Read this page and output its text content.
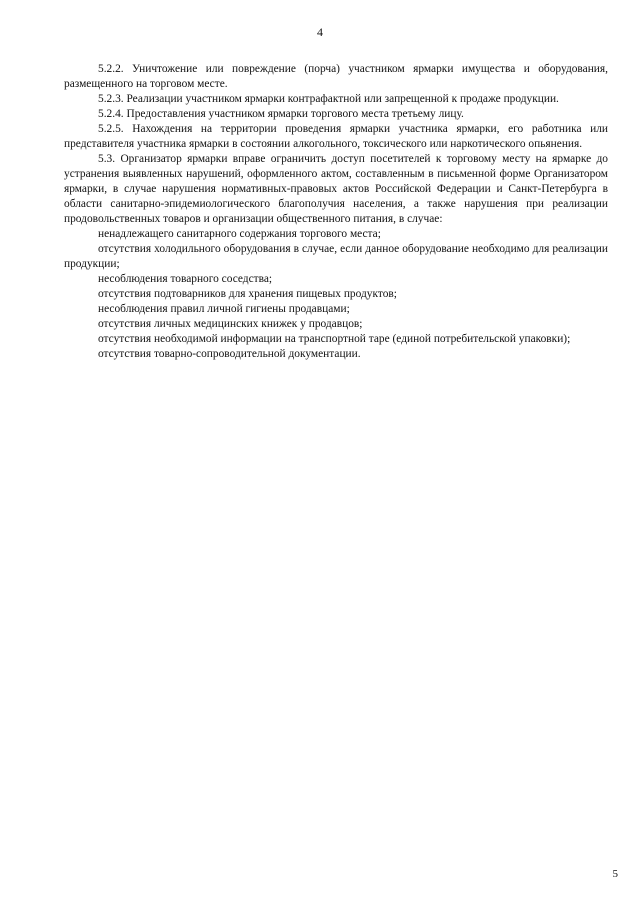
4

5.2.2. Уничтожение или повреждение (порча) участником ярмарки имущества и оборудования, размещенного на торговом месте.

5.2.3. Реализации участником ярмарки контрафактной или запрещенной к продаже продукции.

5.2.4. Предоставления участником ярмарки торгового места третьему лицу.

5.2.5. Нахождения на территории проведения ярмарки участника ярмарки, его работника или представителя участника ярмарки в состоянии алкогольного, токсического или наркотического опьянения.

5.3. Организатор ярмарки вправе ограничить доступ посетителей к торговому месту на ярмарке до устранения выявленных нарушений, оформленного актом, составленным в письменной форме Организатором ярмарки, в случае нарушения нормативных-правовых актов Российской Федерации и Санкт-Петербурга в области санитарно-эпидемиологического благополучия населения, а также нарушения при реализации продовольственных товаров и организации общественного питания, в случае:

ненадлежащего санитарного содержания торгового места;

отсутствия холодильного оборудования в случае, если данное оборудование необходимо для реализации продукции;

несоблюдения товарного соседства;

отсутствия подтоварников для хранения пищевых продуктов;

несоблюдения правил личной гигиены продавцами;

отсутствия личных медицинских книжек у продавцов;

отсутствия необходимой информации на транспортной таре (единой потребительской упаковки);

отсутствия товарно-сопроводительной документации.

5
